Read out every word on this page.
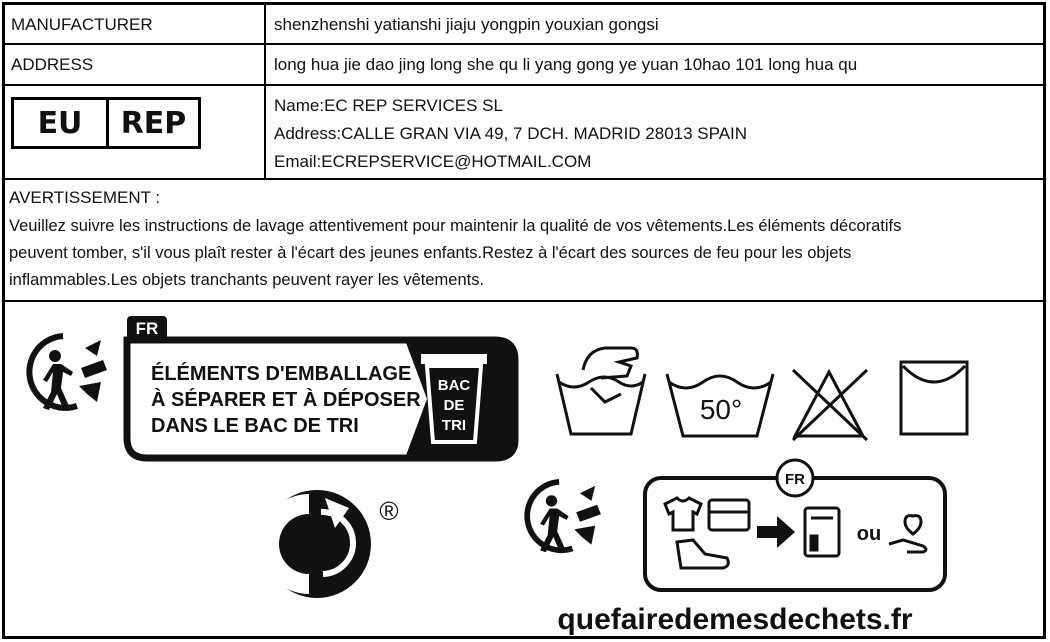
MANUFACTURER	shenzhenshi yatianshi jiaju yongpin youxian gongsi
ADDRESS	long hua jie dao jing long she qu li yang gong ye yuan 10hao 101 long hua qu
EU	REP	Name:EC REP SERVICES SL
Address:CALLE GRAN VIA 49, 7 DCH. MADRID 28013 SPAIN
Email:ECREPSERVICE@HOTMAIL.COM
AVERTISSEMENT :
Veuillez suivre les instructions de lavage attentivement pour maintenir la qualité de vos vêtements.Les éléments décoratifs
peuvent tomber, s'il vous plaît rester à l'écart des jeunes enfants.Restez à l'écart des sources de feu pour les objets
inflammables.Les objets tranchants peuvent rayer les vêtements.
FR
ÉLÉMENTS D'EMBALLAGE
À SÉPARER ET À DÉPOSER
DANS LE BAC DE TRI
BAC
DE
TRI
50°
®
FR
ou
quefairedemesdechets.fr
